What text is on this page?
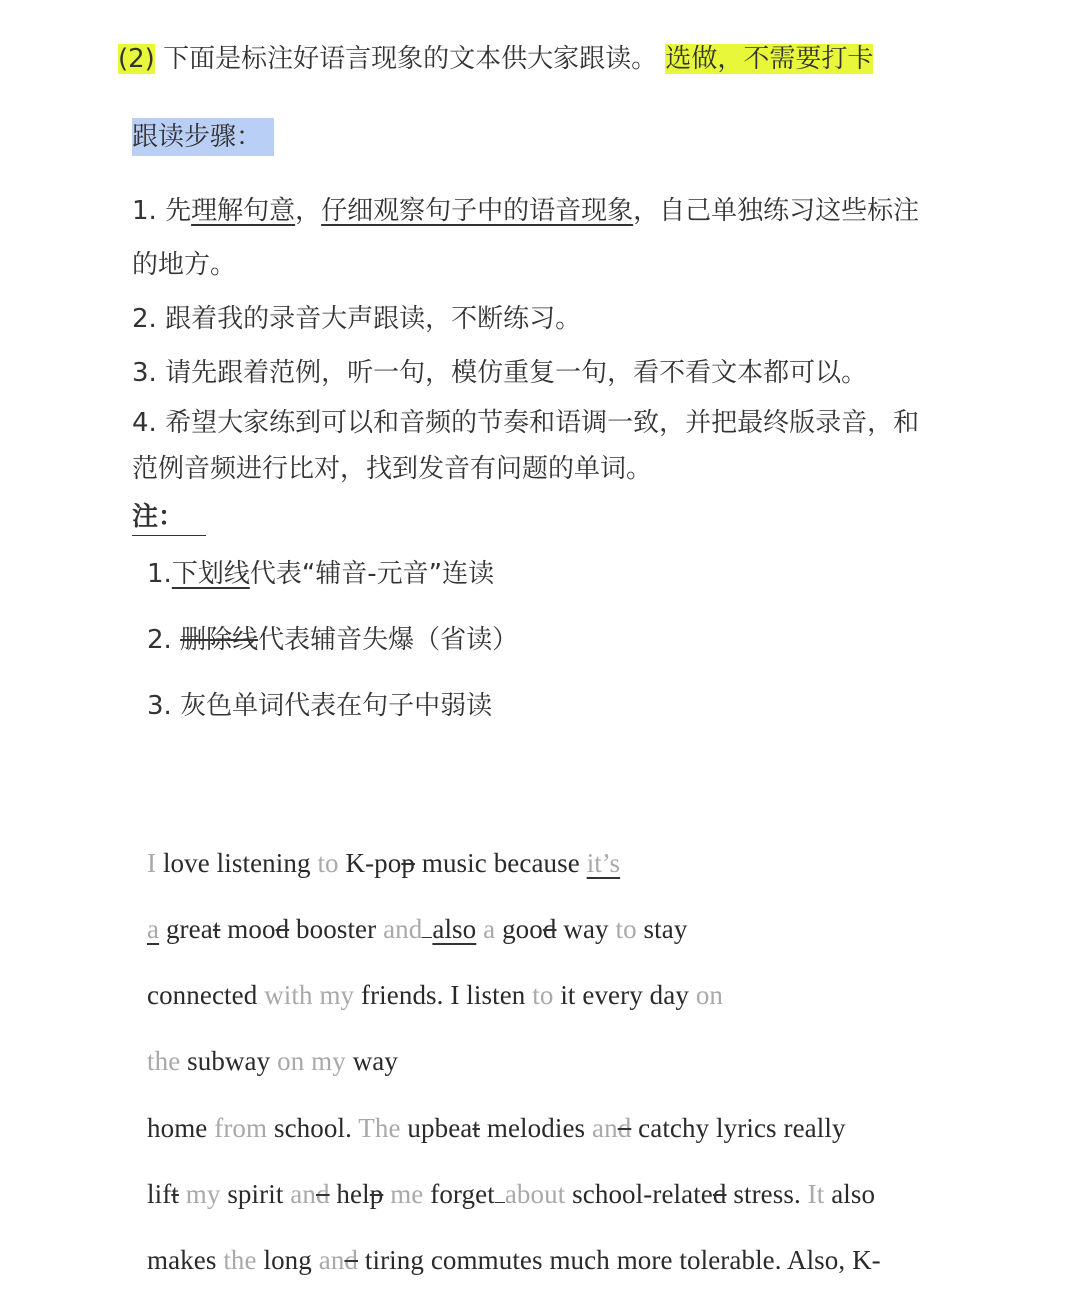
(2) 下面是标注好语言现象的文本供大家跟读。 选做，不需要打卡
跟读步骤：
1. 先理解句意，仔细观察句子中的语音现象，自己单独练习这些标注
的地方。
2. 跟着我的录音大声跟读，不断练习。
3. 请先跟着范例，听一句，模仿重复一句，看不看文本都可以。
4. 希望大家练到可以和音频的节奏和语调一致，并把最终版录音，和
范例音频进行比对，找到发音有问题的单词。
注：
1.下划线代表“辅音-元音”连读
2. 删除线代表辅音失爆（省读）
3. 灰色单词代表在句子中弱读
I love listening to K-pop music because it’s
a great mood booster and also a good way to stay
connected with my friends. I listen to it every day on
the subway on my way
home from school. The upbeat melodies and catchy lyrics really
lift my spirit and help me forget about school-related stress. It also
makes the long and tiring commutes much more tolerable. Also, K-
